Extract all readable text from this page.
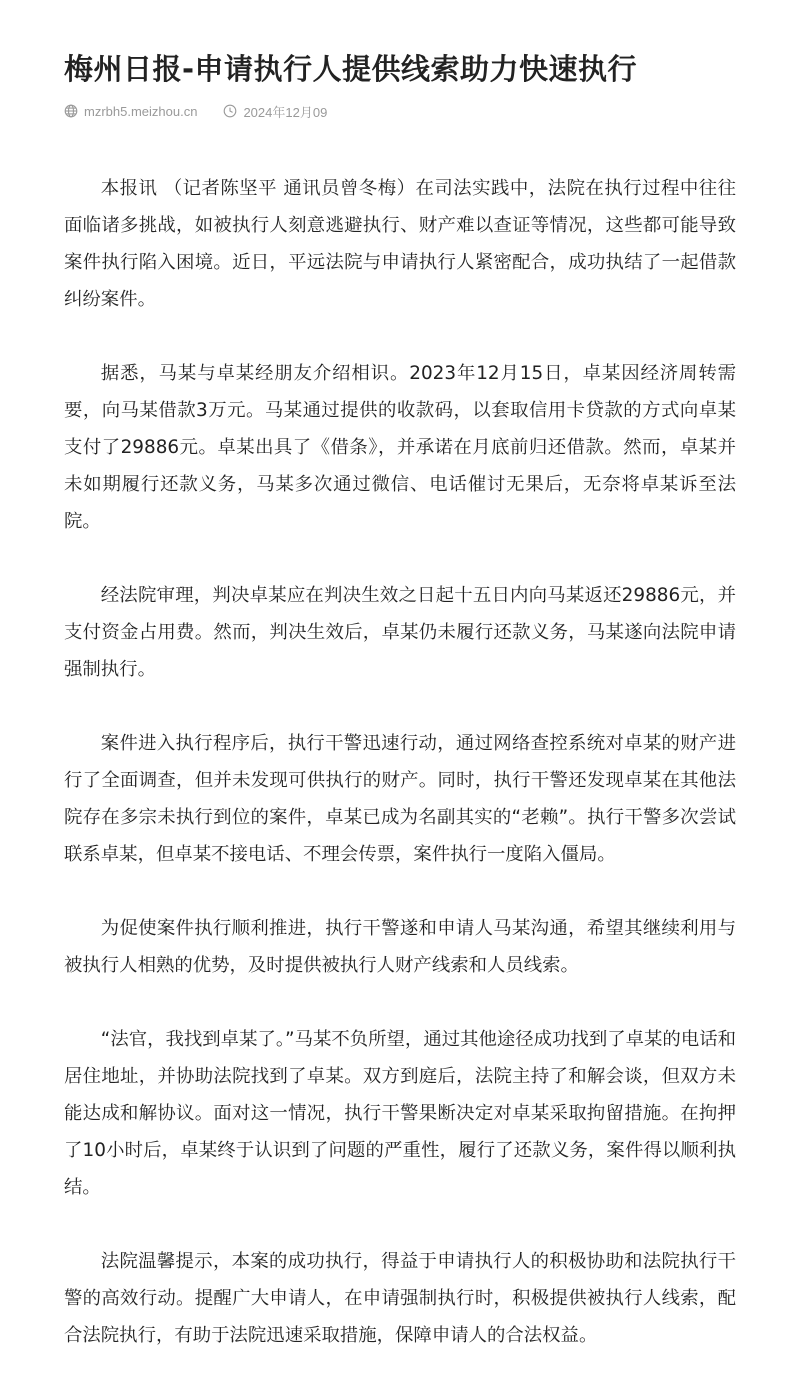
梅州日报-申请执行人提供线索助力快速执行
mzrbh5.meizhou.cn	2024年12月09

本报讯 （记者陈坚平 通讯员曾冬梅）在司法实践中，法院在执行过程中往往面临诸多挑战，如被执行人刻意逃避执行、财产难以查证等情况，这些都可能导致案件执行陷入困境。近日，平远法院与申请执行人紧密配合，成功执结了一起借款纠纷案件。

据悉，马某与卓某经朋友介绍相识。2023年12月15日，卓某因经济周转需要，向马某借款3万元。马某通过提供的收款码，以套取信用卡贷款的方式向卓某支付了29886元。卓某出具了《借条》，并承诺在月底前归还借款。然而，卓某并未如期履行还款义务，马某多次通过微信、电话催讨无果后，无奈将卓某诉至法院。

经法院审理，判决卓某应在判决生效之日起十五日内向马某返还29886元，并支付资金占用费。然而，判决生效后，卓某仍未履行还款义务，马某遂向法院申请强制执行。

案件进入执行程序后，执行干警迅速行动，通过网络查控系统对卓某的财产进行了全面调查，但并未发现可供执行的财产。同时，执行干警还发现卓某在其他法院存在多宗未执行到位的案件，卓某已成为名副其实的“老赖”。执行干警多次尝试联系卓某，但卓某不接电话、不理会传票，案件执行一度陷入僵局。

为促使案件执行顺利推进，执行干警遂和申请人马某沟通，希望其继续利用与被执行人相熟的优势，及时提供被执行人财产线索和人员线索。

“法官，我找到卓某了。”马某不负所望，通过其他途径成功找到了卓某的电话和居住地址，并协助法院找到了卓某。双方到庭后，法院主持了和解会谈，但双方未能达成和解协议。面对这一情况，执行干警果断决定对卓某采取拘留措施。在拘押了10小时后，卓某终于认识到了问题的严重性，履行了还款义务，案件得以顺利执结。

法院温馨提示，本案的成功执行，得益于申请执行人的积极协助和法院执行干警的高效行动。提醒广大申请人，在申请强制执行时，积极提供被执行人线索，配合法院执行，有助于法院迅速采取措施，保障申请人的合法权益。
